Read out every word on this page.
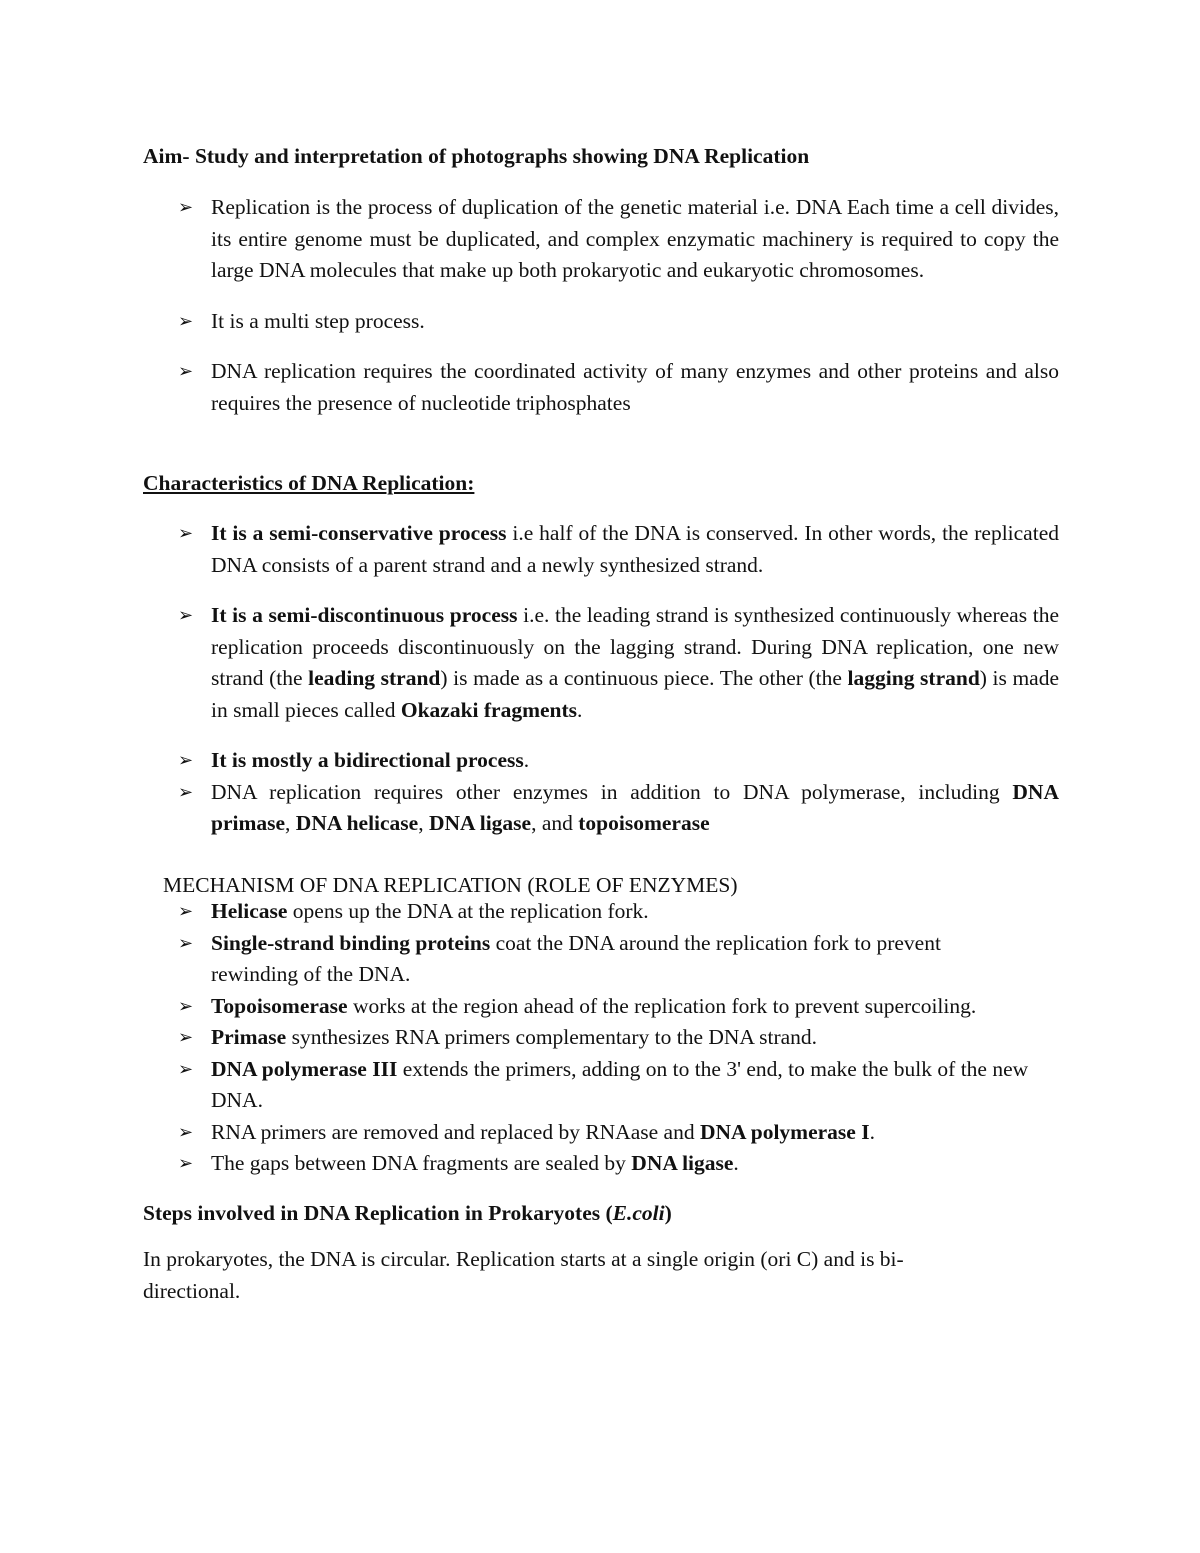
Aim- Study and interpretation of photographs showing DNA Replication

➢ Replication is the process of duplication of the genetic material i.e. DNA Each time a cell divides, its entire genome must be duplicated, and complex enzymatic machinery is required to copy the large DNA molecules that make up both prokaryotic and eukaryotic chromosomes.
➢ It is a multi step process.
➢ DNA replication requires the coordinated activity of many enzymes and other proteins and also requires the presence of nucleotide triphosphates

Characteristics of DNA Replication:

➢ It is a semi-conservative process i.e half of the DNA is conserved. In other words, the replicated DNA consists of a parent strand and a newly synthesized strand.
➢ It is a semi-discontinuous process i.e. the leading strand is synthesized continuously whereas the replication proceeds discontinuously on the lagging strand. During DNA replication, one new strand (the leading strand) is made as a continuous piece. The other (the lagging strand) is made in small pieces called Okazaki fragments.
➢ It is mostly a bidirectional process.
➢ DNA replication requires other enzymes in addition to DNA polymerase, including DNA primase, DNA helicase, DNA ligase, and topoisomerase

MECHANISM OF DNA REPLICATION (ROLE OF ENZYMES)

➢ Helicase opens up the DNA at the replication fork.
➢ Single-strand binding proteins coat the DNA around the replication fork to prevent rewinding of the DNA.
➢ Topoisomerase works at the region ahead of the replication fork to prevent supercoiling.
➢ Primase synthesizes RNA primers complementary to the DNA strand.
➢ DNA polymerase III extends the primers, adding on to the 3' end, to make the bulk of the new DNA.
➢ RNA primers are removed and replaced by RNAase and DNA polymerase I.
➢ The gaps between DNA fragments are sealed by DNA ligase.

Steps involved in DNA Replication in Prokaryotes (E.coli)

In prokaryotes, the DNA is circular. Replication starts at a single origin (ori C) and is bi-directional.
